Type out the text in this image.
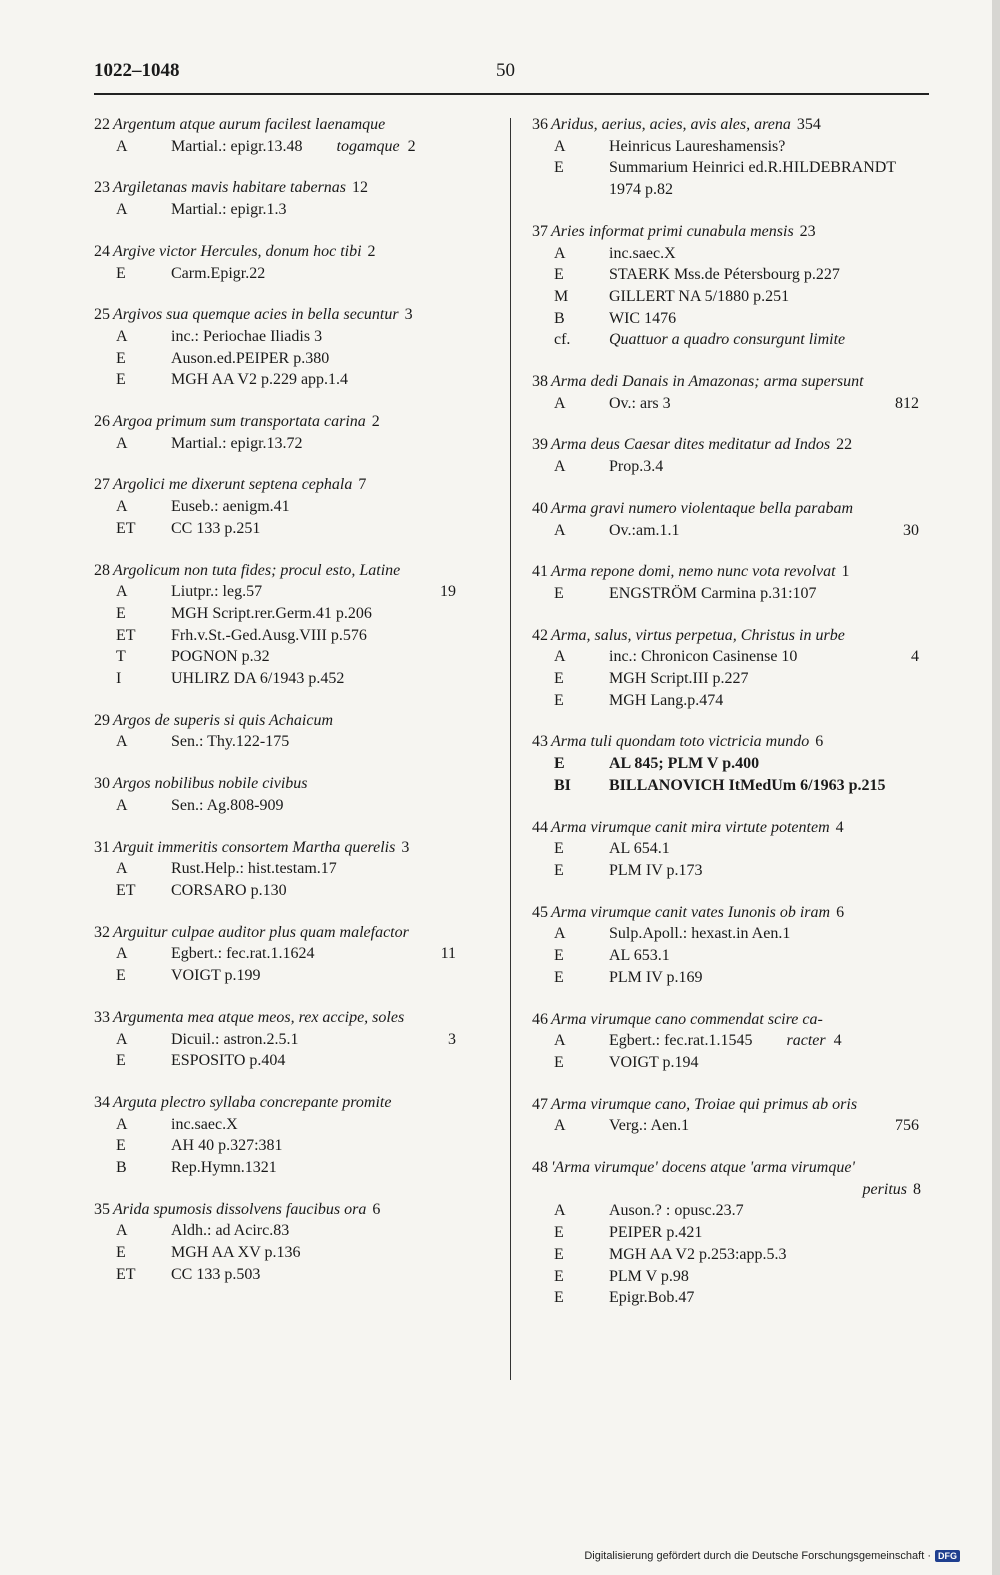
1022–1048	50
22 Argentum atque aurum facilest laenamque
A	Martial.: epigr.13.48 togamque 2
23 Argiletanas mavis habitare tabernas 12
A	Martial.: epigr.1.3
24 Argive victor Hercules, donum hoc tibi 2
E	Carm.Epigr.22
25 Argivos sua quemque acies in bella secuntur 3
A	inc.: Periochae Iliadis 3
E	Auson.ed.PEIPER p.380
E	MGH AA V2 p.229 app.1.4
26 Argoa primum sum transportata carina 2
A	Martial.: epigr.13.72
27 Argolici me dixerunt septena cephala 7
A	Euseb.: aenigm.41
ET	CC 133 p.251
28 Argolicum non tuta fides; procul esto, Latine
A	Liutpr.: leg.57	19
E	MGH Script.rer.Germ.41 p.206
ET	Frh.v.St.-Ged.Ausg.VIII p.576
T	POGNON p.32
I	UHLIRZ DA 6/1943 p.452
29 Argos de superis si quis Achaicum
A	Sen.: Thy.122-175
30 Argos nobilibus nobile civibus
A	Sen.: Ag.808-909
31 Arguit immeritis consortem Martha querelis 3
A	Rust.Help.: hist.testam.17
ET	CORSARO p.130
32 Arguitur culpae auditor plus quam malefactor
A	Egbert.: fec.rat.1.1624	11
E	VOIGT p.199
33 Argumenta mea atque meos, rex accipe, soles
A	Dicuil.: astron.2.5.1	3
E	ESPOSITO p.404
34 Arguta plectro syllaba concrepante promite
A	inc.saec.X
E	AH 40 p.327:381
B	Rep.Hymn.1321
35 Arida spumosis dissolvens faucibus ora 6
A	Aldh.: ad Acirc.83
E	MGH AA XV p.136
ET	CC 133 p.503
36 Aridus, aerius, acies, avis ales, arena 354
A	Heinricus Laureshamensis?
E	Summarium Heinrici ed.R.HILDEBRANDT
1974 p.82
37 Aries informat primi cunabula mensis 23
A	inc.saec.X
E	STAERK Mss.de Pétersbourg p.227
M	GILLERT NA 5/1880 p.251
B	WIC 1476
cf.	Quattuor a quadro consurgunt limite
38 Arma dedi Danais in Amazonas; arma supersunt
A	Ov.: ars 3	812
39 Arma deus Caesar dites meditatur ad Indos 22
A	Prop.3.4
40 Arma gravi numero violentaque bella parabam
A	Ov.:am.1.1	30
41 Arma repone domi, nemo nunc vota revolvat 1
E	ENGSTRÖM Carmina p.31:107
42 Arma, salus, virtus perpetua, Christus in urbe
A	inc.: Chronicon Casinense 10	4
E	MGH Script.III p.227
E	MGH Lang.p.474
43 Arma tuli quondam toto victricia mundo 6
E	AL 845; PLM V p.400
BI	BILLANOVICH ItMedUm 6/1963 p.215
44 Arma virumque canit mira virtute potentem 4
E	AL 654.1
E	PLM IV p.173
45 Arma virumque canit vates Iunonis ob iram 6
A	Sulp.Apoll.: hexast.in Aen.1
E	AL 653.1
E	PLM IV p.169
46 Arma virumque cano commendat scire ca-
A	Egbert.: fec.rat.1.1545 racter 4
E	VOIGT p.194
47 Arma virumque cano, Troiae qui primus ab oris
A	Verg.: Aen.1	756
48 'Arma virumque' docens atque 'arma virumque'
peritus 8
A	Auson.? : opusc.23.7
E	PEIPER p.421
E	MGH AA V2 p.253:app.5.3
E	PLM V p.98
E	Epigr.Bob.47
Digitalisierung gefördert durch die Deutsche Forschungsgemeinschaft · DFG
